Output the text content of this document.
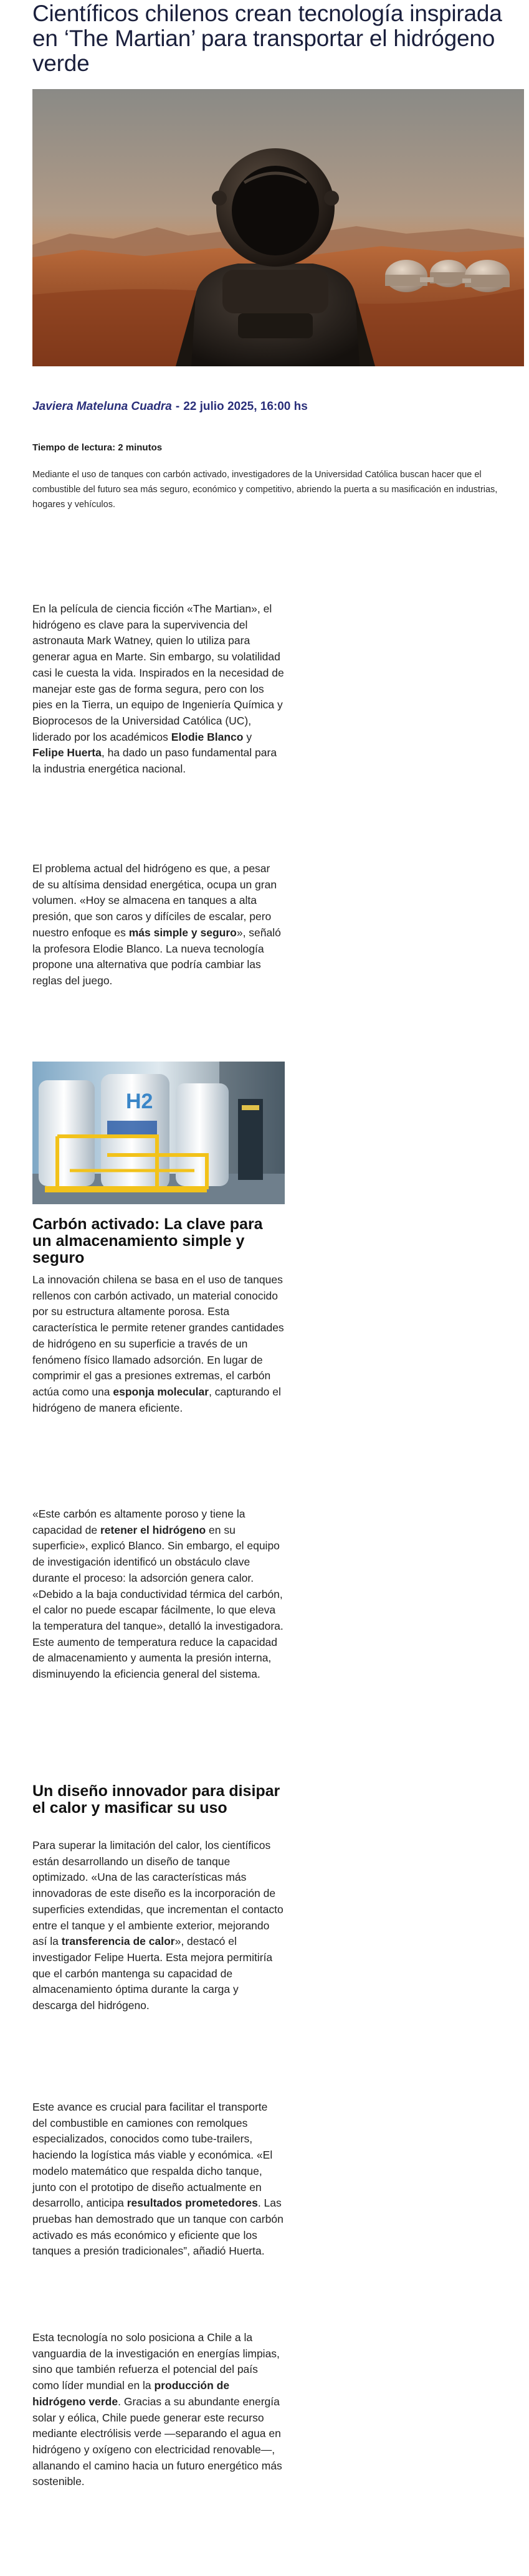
Científicos chilenos crean tecnología inspirada en ‘The Martian’ para transportar el hidrógeno verde
Javiera Mateluna Cuadra - 22 julio 2025, 16:00 hs
Tiempo de lectura: 2 minutos

Mediante el uso de tanques con carbón activado, investigadores de la Universidad Católica buscan hacer que el combustible del futuro sea más seguro, económico y competitivo, abriendo la puerta a su masificación en industrias, hogares y vehículos.

En la película de ciencia ficción «The Martian», el hidrógeno es clave para la supervivencia del astronauta Mark Watney, quien lo utiliza para generar agua en Marte. Sin embargo, su volatilidad casi le cuesta la vida. Inspirados en la necesidad de manejar este gas de forma segura, pero con los pies en la Tierra, un equipo de Ingeniería Química y Bioprocesos de la Universidad Católica (UC), liderado por los académicos Elodie Blanco y Felipe Huerta, ha dado un paso fundamental para la industria energética nacional.

El problema actual del hidrógeno es que, a pesar de su altísima densidad energética, ocupa un gran volumen. «Hoy se almacena en tanques a alta presión, que son caros y difíciles de escalar, pero nuestro enfoque es más simple y seguro», señaló la profesora Elodie Blanco. La nueva tecnología propone una alternativa que podría cambiar las reglas del juego.

H2
Carbón activado: La clave para un almacenamiento simple y seguro

La innovación chilena se basa en el uso de tanques rellenos con carbón activado, un material conocido por su estructura altamente porosa. Esta característica le permite retener grandes cantidades de hidrógeno en su superficie a través de un fenómeno físico llamado adsorción. En lugar de comprimir el gas a presiones extremas, el carbón actúa como una esponja molecular, capturando el hidrógeno de manera eficiente.

«Este carbón es altamente poroso y tiene la capacidad de retener el hidrógeno en su superficie», explicó Blanco. Sin embargo, el equipo de investigación identificó un obstáculo clave durante el proceso: la adsorción genera calor. «Debido a la baja conductividad térmica del carbón, el calor no puede escapar fácilmente, lo que eleva la temperatura del tanque», detalló la investigadora. Este aumento de temperatura reduce la capacidad de almacenamiento y aumenta la presión interna, disminuyendo la eficiencia general del sistema.

Un diseño innovador para disipar el calor y masificar su uso

Para superar la limitación del calor, los científicos están desarrollando un diseño de tanque optimizado. «Una de las características más innovadoras de este diseño es la incorporación de superficies extendidas, que incrementan el contacto entre el tanque y el ambiente exterior, mejorando así la transferencia de calor», destacó el investigador Felipe Huerta. Esta mejora permitiría que el carbón mantenga su capacidad de almacenamiento óptima durante la carga y descarga del hidrógeno.

Este avance es crucial para facilitar el transporte del combustible en camiones con remolques especializados, conocidos como tube-trailers, haciendo la logística más viable y económica. «El modelo matemático que respalda dicho tanque, junto con el prototipo de diseño actualmente en desarrollo, anticipa resultados prometedores. Las pruebas han demostrado que un tanque con carbón activado es más económico y eficiente que los tanques a presión tradicionales”, añadió Huerta.

Esta tecnología no solo posiciona a Chile a la vanguardia de la investigación en energías limpias, sino que también refuerza el potencial del país como líder mundial en la producción de hidrógeno verde. Gracias a su abundante energía solar y eólica, Chile puede generar este recurso mediante electrólisis verde —separando el agua en hidrógeno y oxígeno con electricidad renovable—, allanando el camino hacia un futuro energético más sostenible.
